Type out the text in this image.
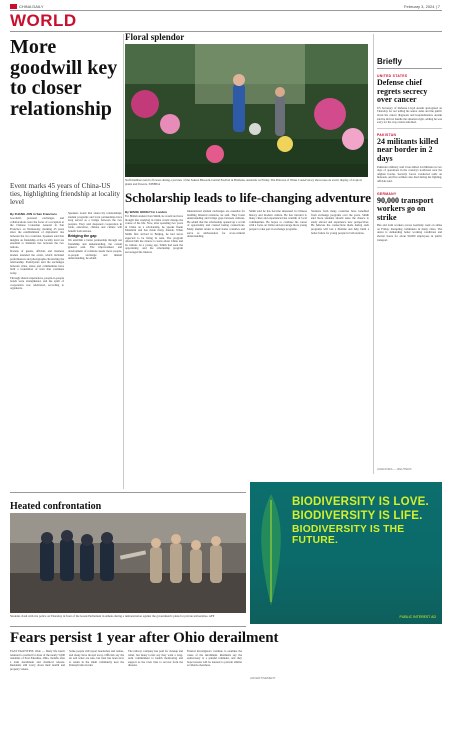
CHINA DAILY	February 3, 2024 | 7
WORLD
More goodwill key to closer relationship
Event marks 45 years of China-US ties, highlighting friendship at locality level
By ZHANG JUN in San Francisco

Goodwill, personal exchanges and collaborations were the focus of a reception at the Chinese Consulate General in San Francisco on Wednesday, marking 45 years since the establishment of diplomatic ties between the two countries. Speakers said that insights on friendship at the locality level are essential to maintain ties between the two nations.

Dozens of guests, officials and business leaders attended the event, which included performances and photographs chronicling the relationship. Participants said the exchanges between cities, states and communities have built a foundation of trust that continues today.

Through shared experiences, people-to-people bonds were strengthened, and the spirit of cooperation was celebrated, according to organizers.

Speakers noted that sister-city relationships, student programs and local partnerships have long served as a bridge between the two peoples. They said deepened cooperation in trade, education, climate and culture will benefit both nations.

Bridging the gap

We establish a better partnership through our friendship and understanding, the consul general said. The improvement and development of relations needs more people-to-people exchange and mutual understanding, he added.

Floral splendor
Staff members tend to flowers during a preview of the Sakura Blossom Central Festival in Brisbane, Australia on Friday. The Princess of Wales Conservatory showcases an exotic display of tropical plants and flowers. XINHUA
Scholarship leads to life-changing adventure
By WANG HONGYI in London

For British student Ivan Smith, he would not have thought that studying in China would change the course of his life. Now, after spending two years in China on a scholarship, he speaks fluent Mandarin and has made many friends. When Smith first arrived in Beijing, he had never expected to be living in Asia. The program offered him the chance to learn about China and its culture. At a young age, Smith had seen the opportunity, and the scholarship program encouraged his interest.

International student exchanges are essential for building bilateral relations, he said. They foster understanding and bridge gaps between cultures. He added that the scholarship opened up a world of opportunity and created lasting connections. Many alumni return to their home countries and serve as ambassadors for cross-cultural understanding.

Smith said he has become interested in Chinese history and modern culture. He has traveled to many cities and experienced the warmth of local communities. He hopes to continue his career with a focus on China and encourage more young people to take part in exchange programs.

Students from many countries have benefited from exchange programs over the years. Smith said more students should seize the chance to study abroad and experience new perspectives. He believes the connections made during such programs will last a lifetime and help build a better future for young people in both nations.

Briefly
UNITED STATES
Defense chief regrets secrecy over cancer
US Secretary of Defense Lloyd Austin apologized on Thursday for not telling his senior aides and the public about his cancer diagnosis and hospitalization. Austin said he did not handle the situation right, adding he was sorry for the way events unfolded.
PAKISTAN
24 militants killed near border in 2 days
Pakistan's military said it has killed 24 militants in two days of operations in the country's northwest near the Afghan border. Security forces conducted raids on hideouts, and five soldiers also died during the fighting, officials said.
GERMANY
90,000 transport workers go on strike
Bus and tram workers across Germany went on strike on Friday, disrupting commuters in many cities. The union is demanding better working conditions and shorter hours for about 90,000 employees in public transport.
AGENCIES — REUTERS
Heated confrontation
Students clash with riot police on Thursday in front of the Greek Parliament in Athens during a demonstration against the government's plans for private universities. AFP
BIODIVERSITY IS LOVE.
BIODIVERSITY IS LIFE.
BIODIVERSITY IS THE FUTURE.
PUBLIC INTEREST AD
ADVERTISEMENT
Fears persist 1 year after Ohio derailment

EAST PALESTINE, Ohio — Daily life hasn't returned to normal for most of the nearly 5,000 residents of East Palestine, Ohio, months after a train derailment and chemical release. Residents still worry about their health and property values.

Some people still report headaches and rashes, and many have moved away. Officials say the air and water are safe, but trust has been slow to return in the small community near the Pennsylvania border.

The railway company has paid for cleanup and relief, but many locals say they want a long-term commitment to health monitoring and support as the town tries to recover from the disaster.

Federal investigators continue to examine the cause of the derailment. Residents say the anniversary is a painful reminder, and they hope lessons will be learned to prevent similar accidents elsewhere.
